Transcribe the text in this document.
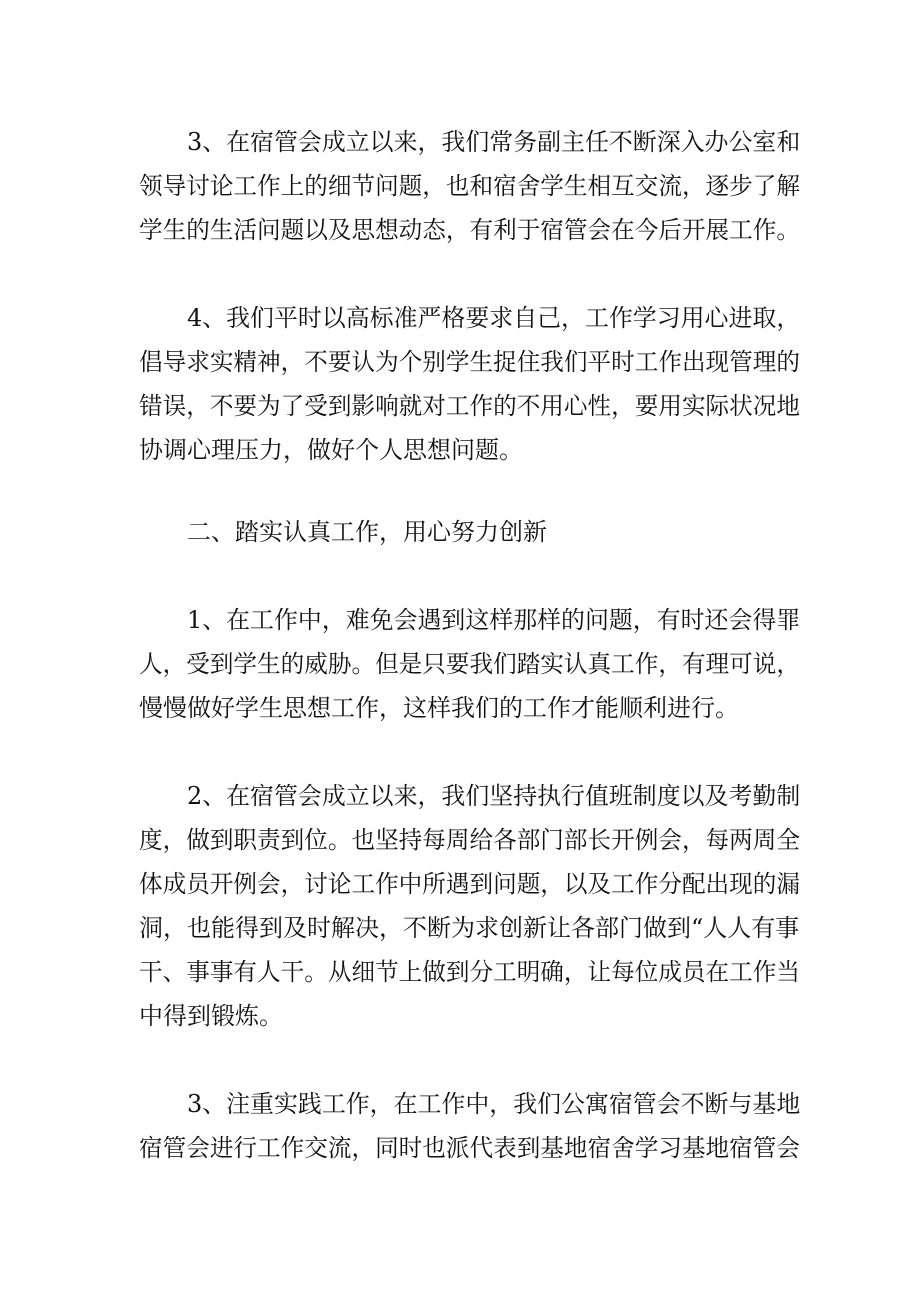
3、在宿管会成立以来，我们常务副主任不断深入办公室和
领导讨论工作上的细节问题，也和宿舍学生相互交流，逐步了解
学生的生活问题以及思想动态，有利于宿管会在今后开展工作。
4、我们平时以高标准严格要求自己，工作学习用心进取，
倡导求实精神，不要认为个别学生捉住我们平时工作出现管理的
错误，不要为了受到影响就对工作的不用心性，要用实际状况地
协调心理压力，做好个人思想问题。
二、踏实认真工作，用心努力创新
1、在工作中，难免会遇到这样那样的问题，有时还会得罪
人，受到学生的威胁。但是只要我们踏实认真工作，有理可说，
慢慢做好学生思想工作，这样我们的工作才能顺利进行。
2、在宿管会成立以来，我们坚持执行值班制度以及考勤制
度，做到职责到位。也坚持每周给各部门部长开例会，每两周全
体成员开例会，讨论工作中所遇到问题，以及工作分配出现的漏
洞，也能得到及时解决，不断为求创新让各部门做到“人人有事
干、事事有人干。从细节上做到分工明确，让每位成员在工作当
中得到锻炼。
3、注重实践工作，在工作中，我们公寓宿管会不断与基地
宿管会进行工作交流，同时也派代表到基地宿舍学习基地宿管会
